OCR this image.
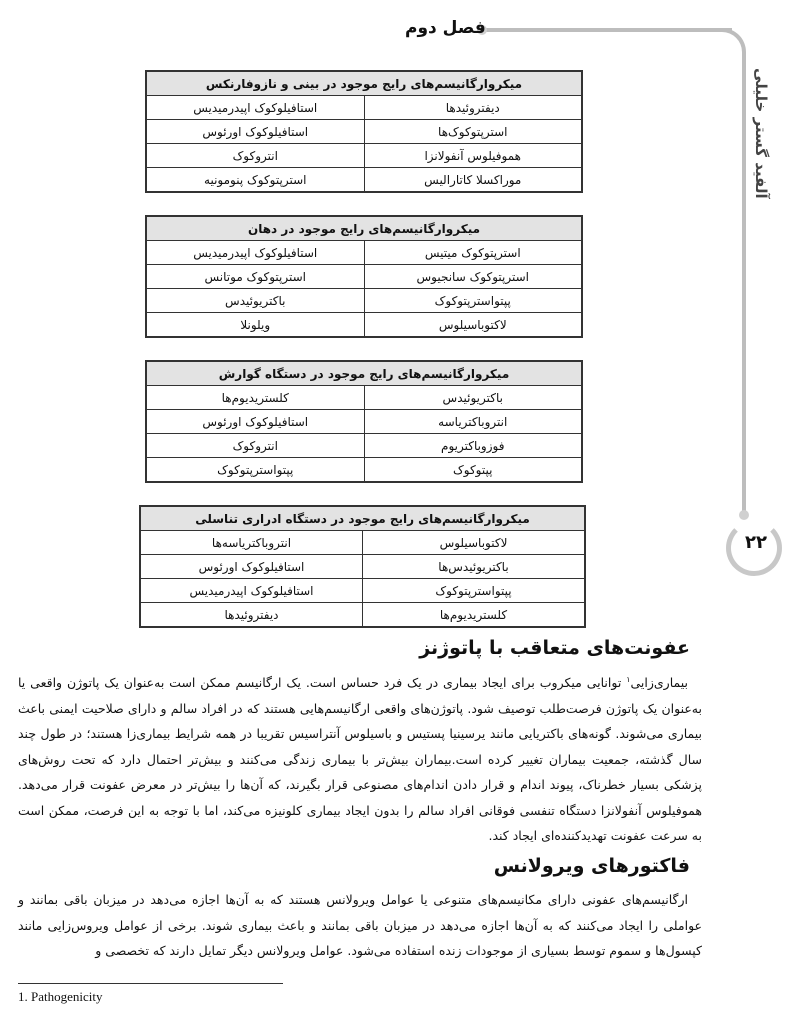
فصل دوم
آلفید گستر خلیلی
۲۲
میکروارگانیسم‌های رایج موجود در بینی و نازوفارنکس	
دیفتروئیدها	استافیلوکوک اپیدرمیدیس
استرپتوکوک‌ها	استافیلوکوک اورئوس
هموفیلوس آنفولانزا	انتروکوک
موراکسلا کاتارالیس	استرپتوکوک پنومونیه
میکروارگانیسم‌های رایج موجود در دهان	
استرپتوکوک میتیس	استافیلوکوک اپیدرمیدیس
استرپتوکوک سانجیوس	استرپتوکوک موتانس
پپتواسترپتوکوک	باکتریوئیدس
لاکتوباسیلوس	ویلونلا
میکروارگانیسم‌های رایج موجود در دستگاه گوارش	
باکتریوئیدس	کلستریدیوم‌ها
انتروباکتریاسه	استافیلوکوک اورئوس
فوزوباکتریوم	انتروکوک
پپتوکوک	پپتواسترپتوکوک
میکروارگانیسم‌های رایج موجود در دستگاه ادراری تناسلی	
لاکتوباسیلوس	انتروباکتریاسه‌ها
باکتریوئیدس‌ها	استافیلوکوک اورئوس
پپتواسترپتوکوک	استافیلوکوک اپیدرمیدیس
کلستریدیوم‌ها	دیفتروئیدها
عفونت‌های متعاقب با پاتوژنز

بیماری‌زایی$^۱$ توانایی میکروب برای ایجاد بیماری در یک فرد حساس است. یک ارگانیسم ممکن است به‌عنوان یک پاتوژن واقعی یا به‌عنوان یک پاتوژن فرصت‌طلب توصیف شود. پاتوژن‌های واقعی ارگانیسم‌هایی هستند که در افراد سالم و دارای صلاحیت ایمنی باعث بیماری می‌شوند. گونه‌های باکتریایی مانند یرسینیا پستیس و باسیلوس آنتراسیس تقریبا در همه شرایط بیماری‌زا هستند؛ در طول چند سال گذشته، جمعیت بیماران تغییر کرده است.بیماران بیش‌تر با بیماری زندگی می‌کنند و بیش‌تر احتمال دارد که تحت روش‌های پزشکی بسیار خطرناک، پیوند اندام و قرار دادن اندام‌های مصنوعی قرار بگیرند، که آن‌ها را بیش‌تر در معرض عفونت قرار می‌دهد. هموفیلوس آنفولانزا دستگاه تنفسی فوقانی افراد سالم را بدون ایجاد بیماری کلونیزه می‌کند، اما با توجه به این فرصت، ممکن است به سرعت عفونت تهدیدکننده‌ای ایجاد کند.

فاکتورهای ویرولانس

ارگانیسم‌های عفونی دارای مکانیسم‌های متنوعی یا عوامل ویرولانس هستند که به آن‌ها اجازه می‌دهد در میزبان باقی بمانند و عواملی را ایجاد می‌کنند که به آن‌ها اجازه می‌دهد در میزبان باقی بمانند و باعث بیماری شوند. برخی از عوامل ویروس‌زایی مانند کپسول‌ها و سموم توسط بسیاری از موجودات زنده استفاده می‌شود. عوامل ویرولانس دیگر تمایل دارند که تخصصی و

1. Pathogenicity
